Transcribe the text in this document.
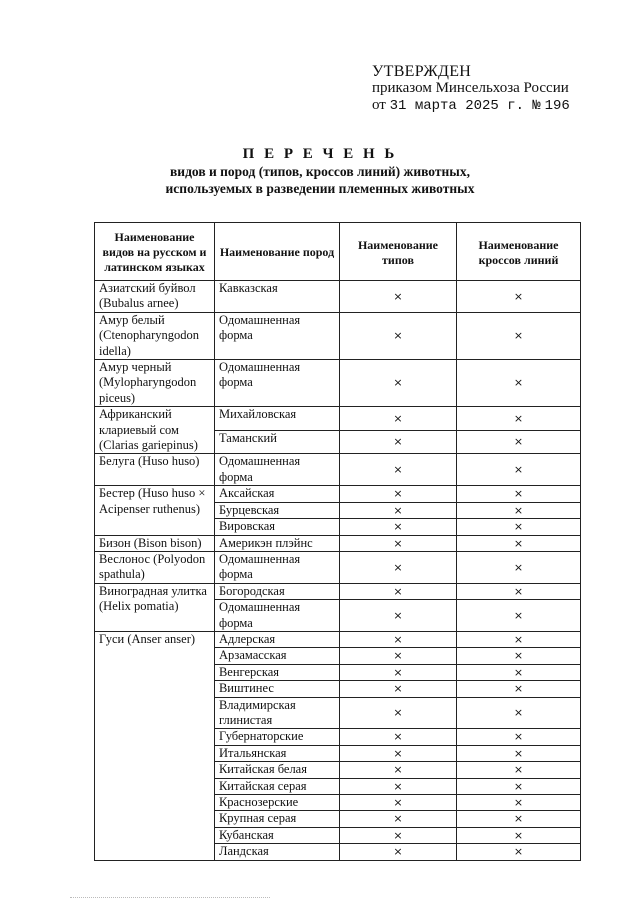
УТВЕРЖДЕН
приказом Минсельхоза России
от 31 марта 2025 г. № 196
П Е Р Е Ч Е Н Ь
видов и пород (типов, кроссов линий) животных,
используемых в разведении племенных животных
Наименование видов на русском и латинском языках	Наименование пород	Наименование типов	Наименование кроссов линий
Азиатский буйвол (Bubalus arnee)	Кавказская	×	×
Амур белый (Ctenopharyngodon idella)	Одомашненная форма	×	×
Амур черный (Mylopharyngodon piceus)	Одомашненная форма	×	×
Африканский клариевый сом (Clarias gariepinus)	Михайловская	×	×
	Таманский	×	×
Белуга (Huso huso)	Одомашненная форма	×	×
Бестер (Huso huso × Acipenser ruthenus)	Аксайская	×	×
	Бурцевская	×	×
	Вировская	×	×
Бизон (Bison bison)	Америкэн плэйнс	×	×
Веслонос (Polyodon spathula)	Одомашненная форма	×	×
Виноградная улитка (Helix pomatia)	Богородская	×	×
	Одомашненная форма	×	×
Гуси (Anser anser)	Адлерская	×	×
	Арзамасская	×	×
	Венгерская	×	×
	Виштинес	×	×
	Владимирская глинистая	×	×
	Губернаторские	×	×
	Итальянская	×	×
	Китайская белая	×	×
	Китайская серая	×	×
	Краснозерские	×	×
	Крупная серая	×	×
	Кубанская	×	×
	Ландская	×	×
